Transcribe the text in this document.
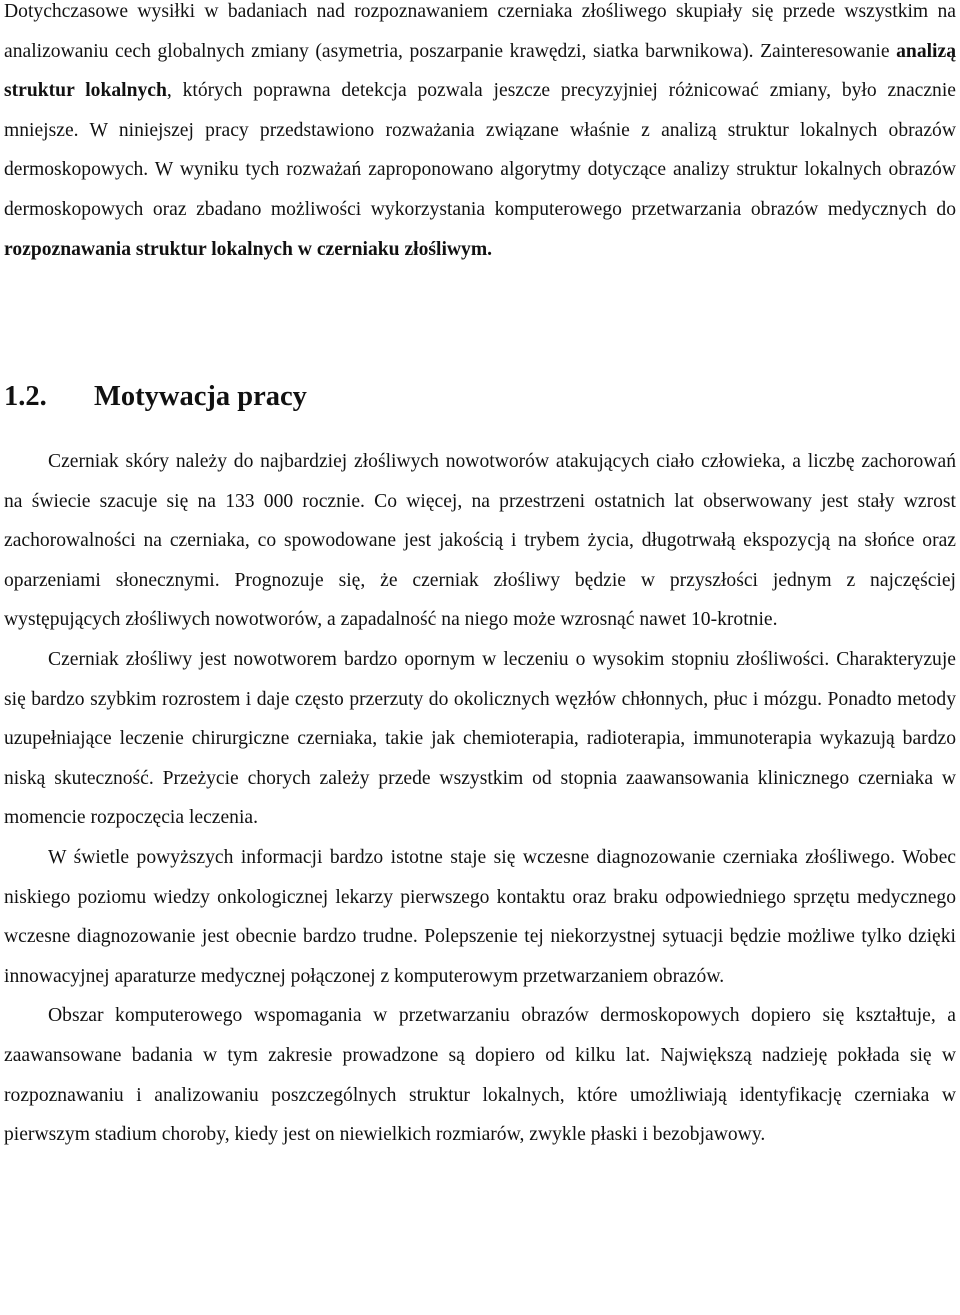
Dotychczasowe wysiłki w badaniach nad rozpoznawaniem czerniaka złośliwego skupiały się przede wszystkim na analizowaniu cech globalnych zmiany (asymetria, poszarpanie krawędzi, siatka barwnikowa). Zainteresowanie analizą struktur lokalnych, których poprawna detekcja pozwala jeszcze precyzyjniej różnicować zmiany, było znacznie mniejsze. W niniejszej pracy przedstawiono rozważania związane właśnie z analizą struktur lokalnych obrazów dermoskopowych. W wyniku tych rozważań zaproponowano algorytmy dotyczące analizy struktur lokalnych obrazów dermoskopowych oraz zbadano możliwości wykorzystania komputerowego przetwarzania obrazów medycznych do rozpoznawania struktur lokalnych w czerniaku złośliwym.

1.2. Motywacja pracy

Czerniak skóry należy do najbardziej złośliwych nowotworów atakujących ciało człowieka, a liczbę zachorowań na świecie szacuje się na 133 000 rocznie. Co więcej, na przestrzeni ostatnich lat obserwowany jest stały wzrost zachorowalności na czerniaka, co spowodowane jest jakością i trybem życia, długotrwałą ekspozycją na słońce oraz oparzeniami słonecznymi. Prognozuje się, że czerniak złośliwy będzie w przyszłości jednym z najczęściej występujących złośliwych nowotworów, a zapadalność na niego może wzrosnąć nawet 10-krotnie.

Czerniak złośliwy jest nowotworem bardzo opornym w leczeniu o wysokim stopniu złośliwości. Charakteryzuje się bardzo szybkim rozrostem i daje często przerzuty do okolicznych węzłów chłonnych, płuc i mózgu. Ponadto metody uzupełniające leczenie chirurgiczne czerniaka, takie jak chemioterapia, radioterapia, immunoterapia wykazują bardzo niską skuteczność. Przeżycie chorych zależy przede wszystkim od stopnia zaawansowania klinicznego czerniaka w momencie rozpoczęcia leczenia.

W świetle powyższych informacji bardzo istotne staje się wczesne diagnozowanie czerniaka złośliwego. Wobec niskiego poziomu wiedzy onkologicznej lekarzy pierwszego kontaktu oraz braku odpowiedniego sprzętu medycznego wczesne diagnozowanie jest obecnie bardzo trudne. Polepszenie tej niekorzystnej sytuacji będzie możliwe tylko dzięki innowacyjnej aparaturze medycznej połączonej z komputerowym przetwarzaniem obrazów.

Obszar komputerowego wspomagania w przetwarzaniu obrazów dermoskopowych dopiero się kształtuje, a zaawansowane badania w tym zakresie prowadzone są dopiero od kilku lat. Największą nadzieję pokłada się w rozpoznawaniu i analizowaniu poszczególnych struktur lokalnych, które umożliwiają identyfikację czerniaka w pierwszym stadium choroby, kiedy jest on niewielkich rozmiarów, zwykle płaski i bezobjawowy.
